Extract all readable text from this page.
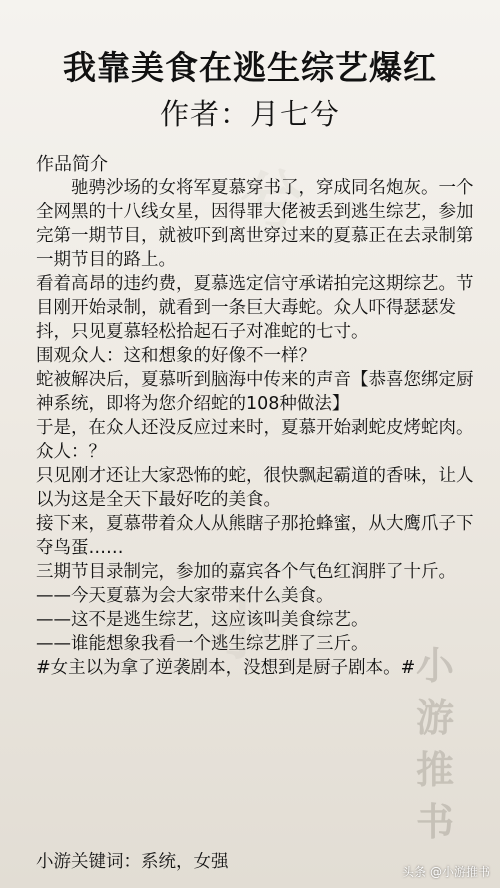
兮
小
我靠美食在逃生综艺爆红
作者：月七兮
作品简介

驰骋沙场的女将军夏慕穿书了，穿成同名炮灰。一个全网黑的十八线女星，因得罪大佬被丢到逃生综艺，参加完第一期节目，就被吓到离世穿过来的夏慕正在去录制第一期节目的路上。

看着高昂的违约费，夏慕选定信守承诺拍完这期综艺。节目刚开始录制，就看到一条巨大毒蛇。众人吓得瑟瑟发抖，只见夏慕轻松拾起石子对准蛇的七寸。

围观众人：这和想象的好像不一样？

蛇被解决后，夏慕听到脑海中传来的声音【恭喜您绑定厨神系统，即将为您介绍蛇的108种做法】

于是，在众人还没反应过来时，夏慕开始剥蛇皮烤蛇肉。众人：？

只见刚才还让大家恐怖的蛇，很快飘起霸道的香味，让人以为这是全天下最好吃的美食。

接下来，夏慕带着众人从熊瞎子那抢蜂蜜，从大鹰爪子下夺鸟蛋……

三期节目录制完，参加的嘉宾各个气色红润胖了十斤。

——今天夏慕为会大家带来什么美食。

——这不是逃生综艺，这应该叫美食综艺。

——谁能想象我看一个逃生综艺胖了三斤。

#女主以为拿了逆袭剧本，没想到是厨子剧本。# 小
游
推
书
小游关键词：系统，女强	头条 @小游推书
